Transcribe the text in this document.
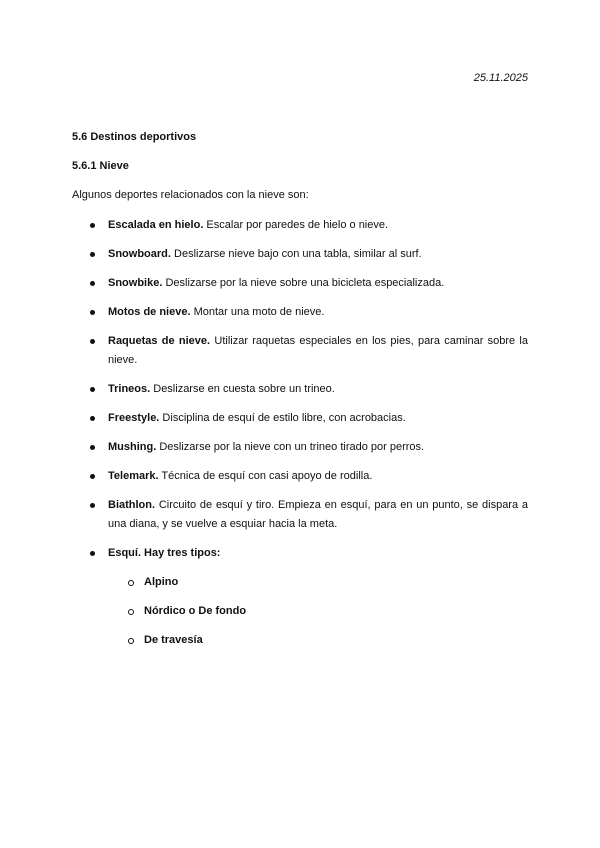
25.11.2025
5.6 Destinos deportivos
5.6.1 Nieve
Algunos deportes relacionados con la nieve son:
Escalada en hielo. Escalar por paredes de hielo o nieve.
Snowboard. Deslizarse nieve bajo con una tabla, similar al surf.
Snowbike. Deslizarse por la nieve sobre una bicicleta especializada.
Motos de nieve. Montar una moto de nieve.
Raquetas de nieve. Utilizar raquetas especiales en los pies, para caminar sobre la nieve.
Trineos. Deslizarse en cuesta sobre un trineo.
Freestyle. Disciplina de esquí de estilo libre, con acrobacias.
Mushing. Deslizarse por la nieve con un trineo tirado por perros.
Telemark. Técnica de esquí con casi apoyo de rodilla.
Biathlon. Circuito de esquí y tiro. Empieza en esquí, para en un punto, se dispara a una diana, y se vuelve a esquiar hacia la meta.
Esquí. Hay tres tipos:
Alpino
Nórdico o De fondo
De travesía
